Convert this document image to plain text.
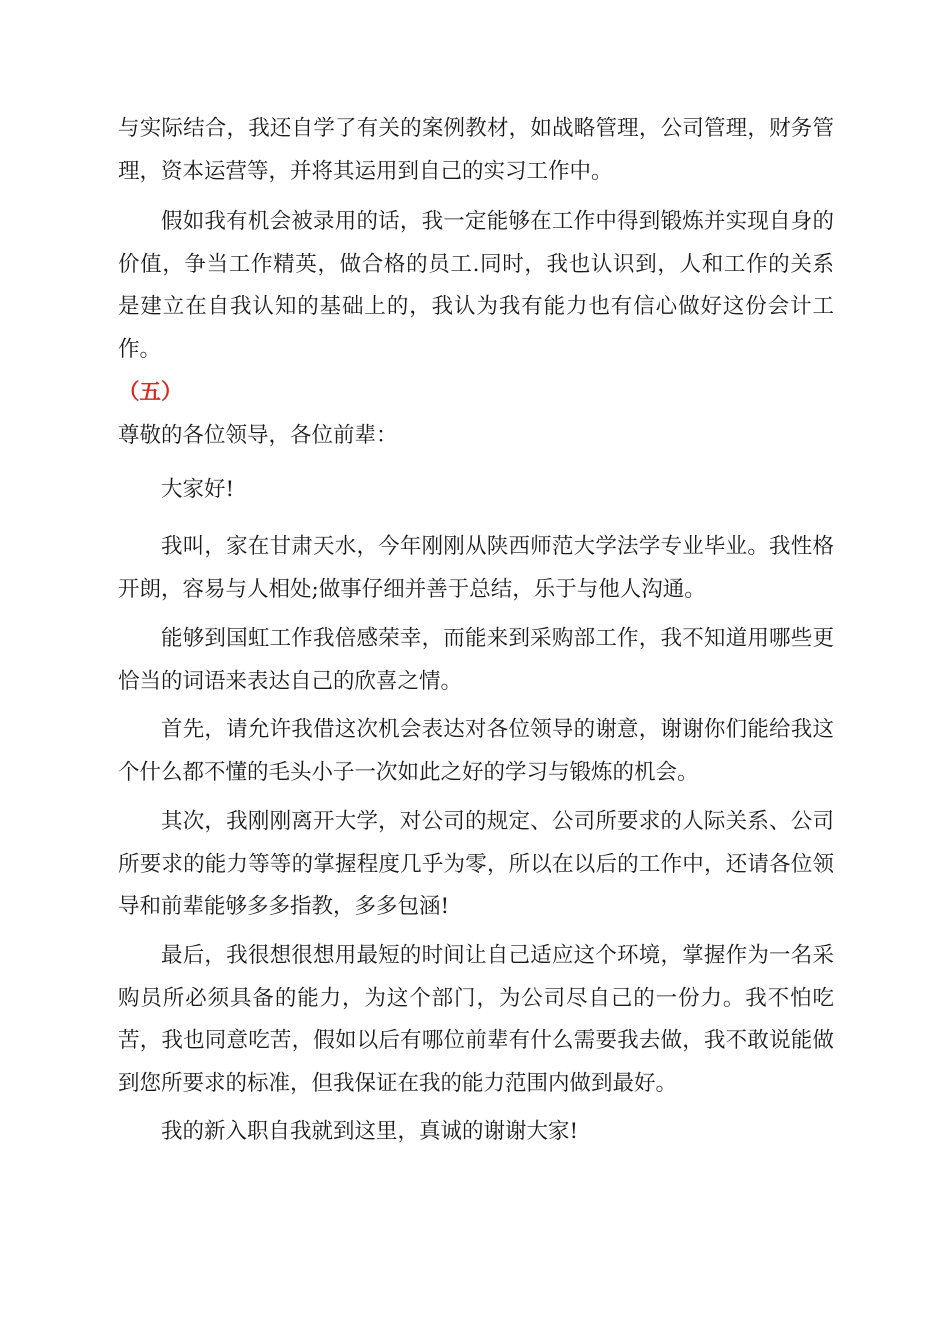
与实际结合，我还自学了有关的案例教材，如战略管理，公司管理，财务管理，资本运营等，并将其运用到自己的实习工作中。

假如我有机会被录用的话，我一定能够在工作中得到锻炼并实现自身的价值，争当工作精英，做合格的员工.同时，我也认识到，人和工作的关系是建立在自我认知的基础上的，我认为我有能力也有信心做好这份会计工作。

（五）

尊敬的各位领导，各位前辈：

大家好!

我叫，家在甘肃天水，今年刚刚从陕西师范大学法学专业毕业。我性格开朗，容易与人相处;做事仔细并善于总结，乐于与他人沟通。

能够到国虹工作我倍感荣幸，而能来到采购部工作，我不知道用哪些更恰当的词语来表达自己的欣喜之情。

首先，请允许我借这次机会表达对各位领导的谢意，谢谢你们能给我这个什么都不懂的毛头小子一次如此之好的学习与锻炼的机会。

其次，我刚刚离开大学，对公司的规定、公司所要求的人际关系、公司所要求的能力等等的掌握程度几乎为零，所以在以后的工作中，还请各位领导和前辈能够多多指教，多多包涵!

最后，我很想很想用最短的时间让自己适应这个环境，掌握作为一名采购员所必须具备的能力，为这个部门，为公司尽自己的一份力。我不怕吃苦，我也同意吃苦，假如以后有哪位前辈有什么需要我去做，我不敢说能做到您所要求的标准，但我保证在我的能力范围内做到最好。

我的新入职自我就到这里，真诚的谢谢大家!
